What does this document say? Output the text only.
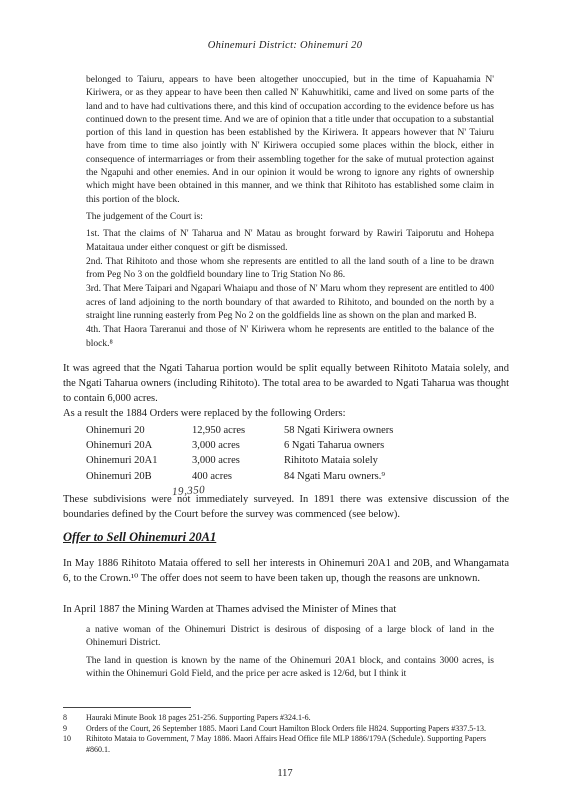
Ohinemuri District: Ohinemuri 20

belonged to Taiuru, appears to have been altogether unoccupied, but in the time of Kapuahamia N' Kiriwera, or as they appear to have been then called N' Kahuwhitiki, came and lived on some parts of the land and to have had cultivations there, and this kind of occupation according to the evidence before us has continued down to the present time. And we are of opinion that a title under that occupation to a substantial portion of this land in question has been established by the Kiriwera. It appears however that N' Taiuru have from time to time also jointly with N' Kiriwera occupied some places within the block, either in consequence of intermarriages or from their assembling together for the sake of mutual protection against the Ngapuhi and other enemies. And in our opinion it would be wrong to ignore any rights of ownership which might have been obtained in this manner, and we think that Rihitoto has established some claim in this portion of the block.

The judgement of the Court is:

1st. That the claims of N' Taharua and N' Matau as brought forward by Rawiri Taiporutu and Hohepa Mataitaua under either conquest or gift be dismissed.

2nd. That Rihitoto and those whom she represents are entitled to all the land south of a line to be drawn from Peg No 3 on the goldfield boundary line to Trig Station No 86.

3rd. That Mere Taipari and Ngapari Whaiapu and those of N' Maru whom they represent are entitled to 400 acres of land adjoining to the north boundary of that awarded to Rihitoto, and bounded on the north by a straight line running easterly from Peg No 2 on the goldfields line as shown on the plan and marked B.

4th. That Haora Tareranui and those of N' Kiriwera whom he represents are entitled to the balance of the block.⁸

It was agreed that the Ngati Taharua portion would be split equally between Rihitoto Mataia solely, and the Ngati Taharua owners (including Rihitoto). The total area to be awarded to Ngati Taharua was thought to contain 6,000 acres.

As a result the 1884 Orders were replaced by the following Orders:

Ohinemuri 20	12,950 acres	58 Ngati Kiriwera owners
Ohinemuri 20A	3,000 acres	6 Ngati Taharua owners
Ohinemuri 20A1	3,000 acres	Rihitoto Mataia solely
Ohinemuri 20B	400 acres	84 Ngati Maru owners.⁹
19,350

These subdivisions were not immediately surveyed. In 1891 there was extensive discussion of the boundaries defined by the Court before the survey was commenced (see below).

Offer to Sell Ohinemuri 20A1

In May 1886 Rihitoto Mataia offered to sell her interests in Ohinemuri 20A1 and 20B, and Whangamata 6, to the Crown.¹⁰ The offer does not seem to have been taken up, though the reasons are unknown.

In April 1887 the Mining Warden at Thames advised the Minister of Mines that

a native woman of the Ohinemuri District is desirous of disposing of a large block of land in the Ohinemuri District.

The land in question is known by the name of the Ohinemuri 20A1 block, and contains 3000 acres, is within the Ohinemuri Gold Field, and the price per acre asked is 12/6d, but I think it

8	Hauraki Minute Book 18 pages 251-256. Supporting Papers #324.1-6.
9	Orders of the Court, 26 September 1885. Maori Land Court Hamilton Block Orders file H824. Supporting Papers #337.5-13.
10	Rihitoto Mataia to Government, 7 May 1886. Maori Affairs Head Office file MLP 1886/179A (Schedule). Supporting Papers #860.1.
117
